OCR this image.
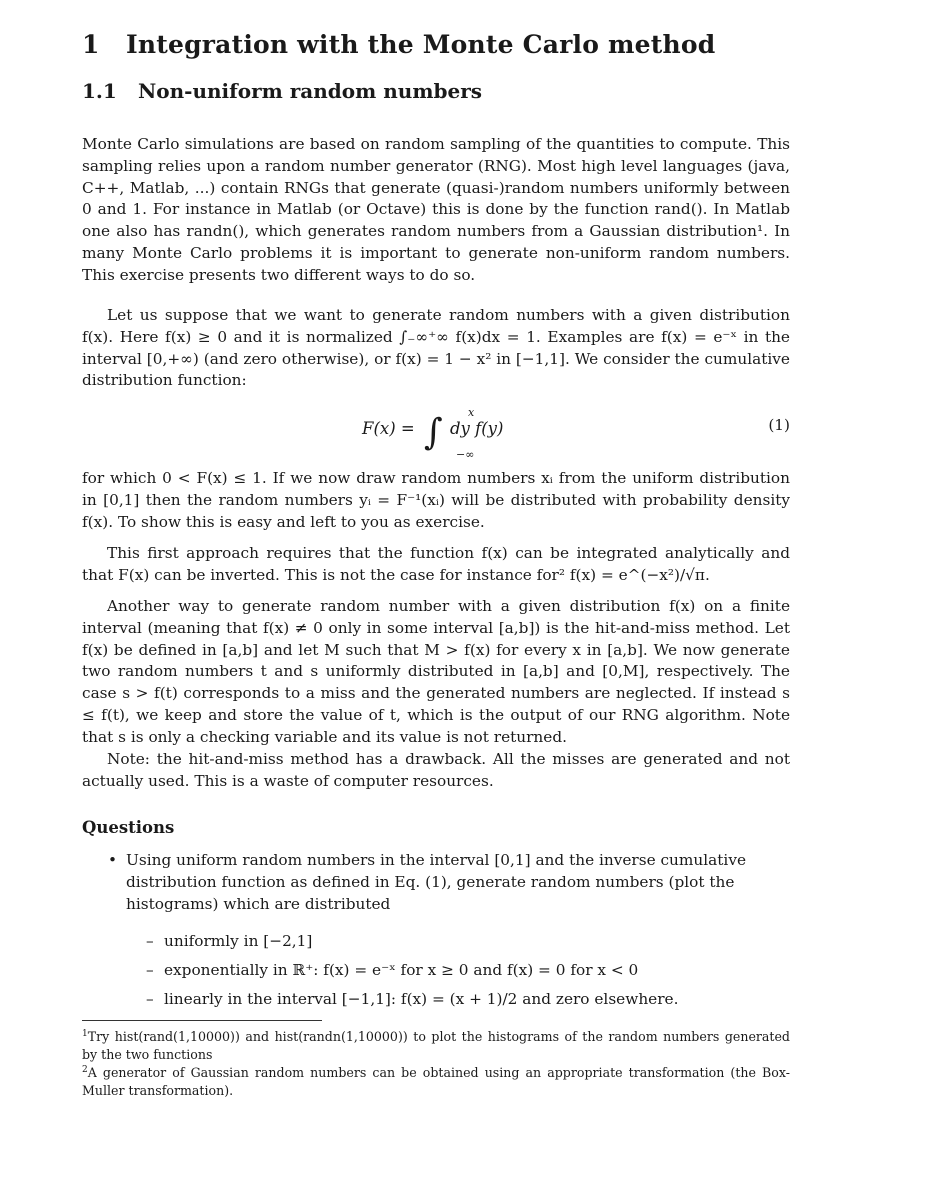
1 Integration with the Monte Carlo method
1.1 Non-uniform random numbers
Monte Carlo simulations are based on random sampling of the quantities to compute. This sampling relies upon a random number generator (RNG). Most high level languages (java, C++, Matlab, ...) contain RNGs that generate (quasi-)random numbers uniformly between 0 and 1. For instance in Matlab (or Octave) this is done by the function rand(). In Matlab one also has randn(), which generates random numbers from a Gaussian distribution¹. In many Monte Carlo problems it is important to generate non-uniform random numbers. This exercise presents two different ways to do so.
Let us suppose that we want to generate random numbers with a given distribution f(x). Here f(x) ≥ 0 and it is normalized ∫₋∞⁺∞ f(x)dx = 1. Examples are f(x) = e⁻ˣ in the interval [0,+∞) (and zero otherwise), or f(x) = 1 − x² in [−1,1]. We consider the cumulative distribution function:
F(x) = ∫ dy f(y)
x
−∞
(1)
for which 0 < F(x) ≤ 1. If we now draw random numbers xᵢ from the uniform distribution in [0,1] then the random numbers yᵢ = F⁻¹(xᵢ) will be distributed with probability density f(x). To show this is easy and left to you as exercise.
This first approach requires that the function f(x) can be integrated analytically and that F(x) can be inverted. This is not the case for instance for² f(x) = e^(−x²)/√π.
Another way to generate random number with a given distribution f(x) on a finite interval (meaning that f(x) ≠ 0 only in some interval [a,b]) is the hit-and-miss method. Let f(x) be defined in [a,b] and let M such that M > f(x) for every x in [a,b]. We now generate two random numbers t and s uniformly distributed in [a,b] and [0,M], respectively. The case s > f(t) corresponds to a miss and the generated numbers are neglected. If instead s ≤ f(t), we keep and store the value of t, which is the output of our RNG algorithm. Note that s is only a checking variable and its value is not returned.
Note: the hit-and-miss method has a drawback. All the misses are generated and not actually used. This is a waste of computer resources.
Questions
• Using uniform random numbers in the interval [0,1] and the inverse cumulative distribution function as defined in Eq. (1), generate random numbers (plot the histograms) which are distributed
– uniformly in [−2,1]
– exponentially in ℝ⁺: f(x) = e⁻ˣ for x ≥ 0 and f(x) = 0 for x < 0
– linearly in the interval [−1,1]: f(x) = (x + 1)/2 and zero elsewhere.
$^1$Try hist(rand(1,10000)) and hist(randn(1,10000)) to plot the histograms of the random numbers generated by the two functions
$^2$A generator of Gaussian random numbers can be obtained using an appropriate transformation (the Box-Muller transformation).
